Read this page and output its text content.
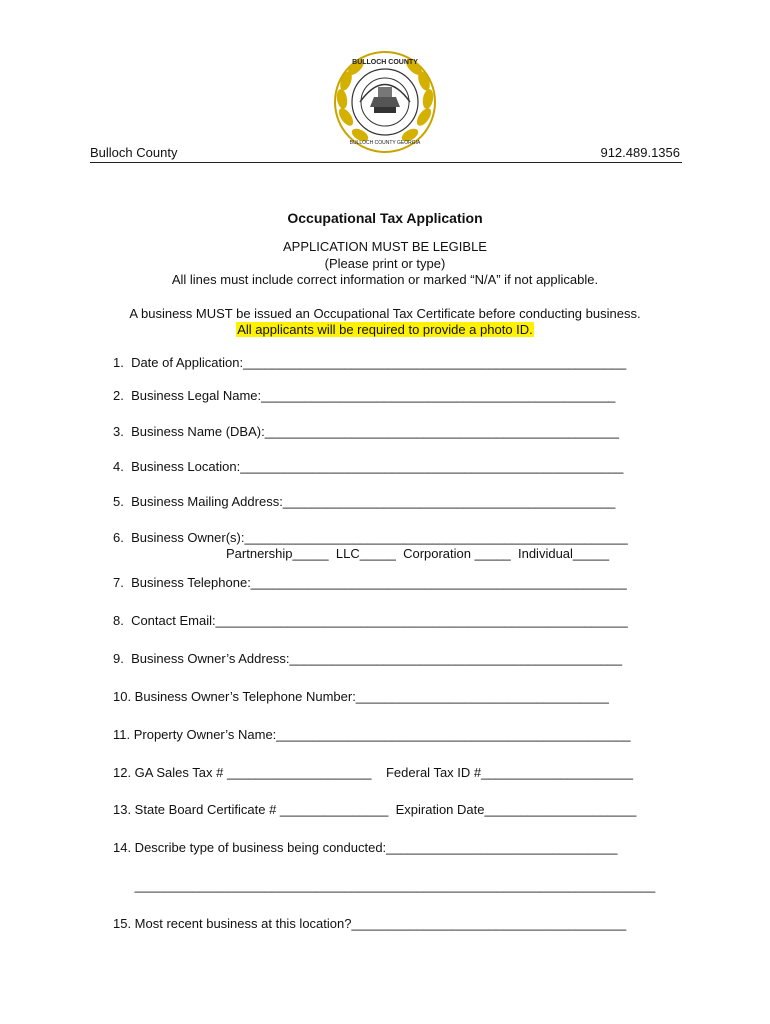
BULLOCH COUNTY
BULLOCH COUNTY GEORGIA
Bulloch County	912.489.1356
Occupational Tax Application
APPLICATION MUST BE LEGIBLE
(Please print or type)
All lines must include correct information or marked “N/A” if not applicable.
A business MUST be issued an Occupational Tax Certificate before conducting business.
All applicants will be required to provide a photo ID.
1.  Date of Application:_____________________________________________________
2.  Business Legal Name:_________________________________________________
3.  Business Name (DBA):_________________________________________________
4.  Business Location:_____________________________________________________
5.  Business Mailing Address:______________________________________________
6.  Business Owner(s):_____________________________________________________
Partnership_____  LLC_____  Corporation _____  Individual_____
7.  Business Telephone:____________________________________________________
8.  Contact Email:_________________________________________________________
9.  Business Owner’s Address:______________________________________________
10. Business Owner’s Telephone Number:___________________________________
11. Property Owner’s Name:_________________________________________________
12. GA Sales Tax # ____________________    Federal Tax ID #_____________________
13. State Board Certificate # _______________  Expiration Date_____________________
14. Describe type of business being conducted:________________________________
________________________________________________________________________
15. Most recent business at this location?______________________________________
